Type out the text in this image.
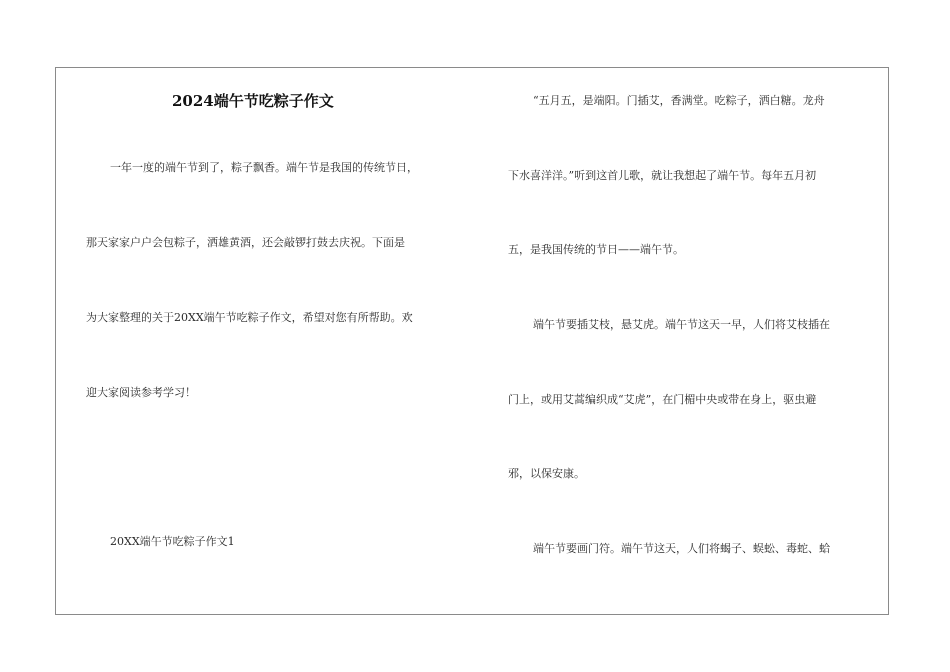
2024端午节吃粽子作文
一年一度的端午节到了，粽子飘香。端午节是我国的传统节日，
那天家家户户会包粽子，洒雄黄酒，还会敲锣打鼓去庆祝。下面是
为大家整理的关于20XX端午节吃粽子作文，希望对您有所帮助。欢
迎大家阅读参考学习！
20XX端午节吃粽子作文1
“五月五，是端阳。门插艾，香满堂。吃粽子，洒白糖。龙舟
下水喜洋洋。”听到这首儿歌，就让我想起了端午节。每年五月初
五，是我国传统的节日——端午节。
端午节要插艾枝，悬艾虎。端午节这天一早，人们将艾枝插在
门上，或用艾蒿编织成“艾虎”，在门楣中央或带在身上，驱虫避
邪，以保安康。
端午节要画门符。端午节这天，人们将蝎子、蜈蚣、毒蛇、蛤
